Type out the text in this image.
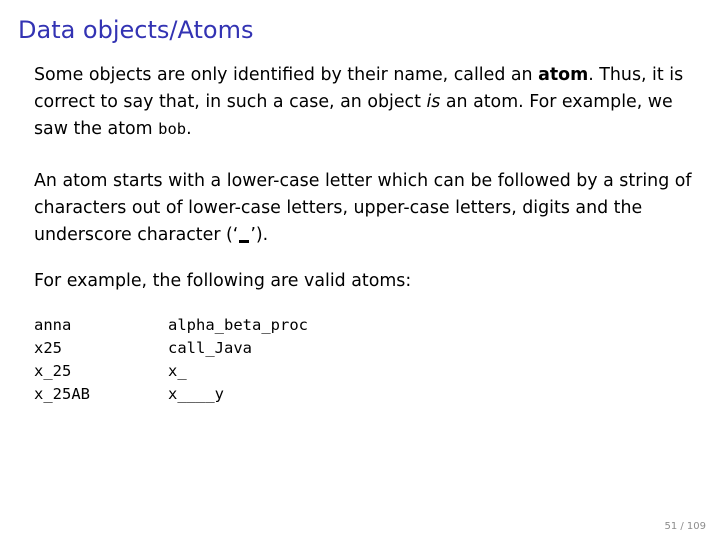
Data objects/Atoms

Some objects are only identified by their name, called an atom. Thus, it is correct to say that, in such a case, an object is an atom. For example, we saw the atom bob.

An atom starts with a lower-case letter which can be followed by a string of characters out of lower-case letters, upper-case letters, digits and the underscore character (‘ ’).

For example, the following are valid atoms:

anna	alpha_beta_proc
x25	call_Java
x_25	x_
x_25AB	x____y
51 / 109
